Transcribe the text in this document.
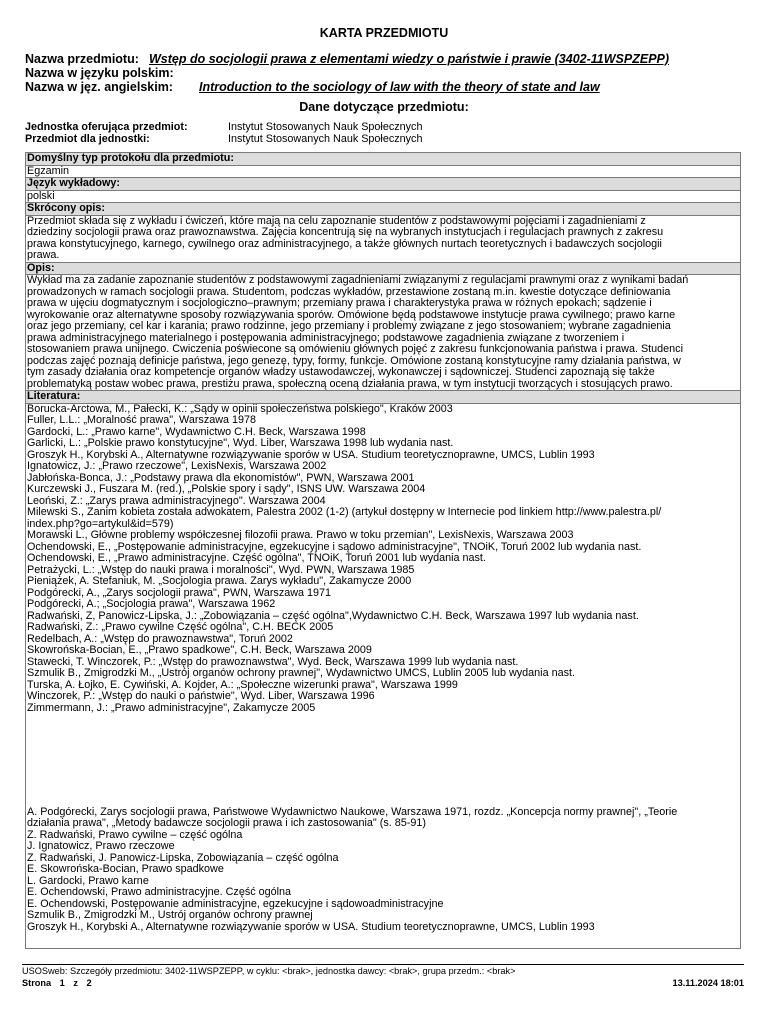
KARTA PRZEDMIOTU
Nazwa przedmiotu: Wstęp do socjologii prawa z elementami wiedzy o państwie i prawie (3402-11WSPZEPP)
Nazwa w języku polskim:
Nazwa w jęz. angielskim: Introduction to the sociology of law with the theory of state and law
Dane dotyczące przedmiotu:
Jednostka oferująca przedmiot:	Instytut Stosowanych Nauk Społecznych
Przedmiot dla jednostki:	Instytut Stosowanych Nauk Społecznych
Domyślny typ protokołu dla przedmiotu:
Egzamin
Język wykładowy:
polski
Skrócony opis:
Przedmiot składa się z wykładu i ćwiczeń, które mają na celu zapoznanie studentów z podstawowymi pojęciami i zagadnieniami z
dziedziny socjologii prawa oraz prawoznawstwa. Zajęcia koncentrują się na wybranych instytucjach i regulacjach prawnych z zakresu
prawa konstytucyjnego, karnego, cywilnego oraz administracyjnego, a także głównych nurtach teoretycznych i badawczych socjologii
prawa.
Opis:
Wykład ma za zadanie zapoznanie studentów z podstawowymi zagadnieniami związanymi z regulacjami prawnymi oraz z wynikami badań
prowadzonych w ramach socjologii prawa. Studentom, podczas wykładów, przestawione zostaną m.in. kwestie dotyczące definiowania
prawa w ujęciu dogmatycznym i socjologiczno–prawnym; przemiany prawa i charakterystyka prawa w różnych epokach; sądzenie i
wyrokowanie oraz alternatywne sposoby rozwiązywania sporów. Omówione będą podstawowe instytucje prawa cywilnego; prawo karne
oraz jego przemiany, cel kar i karania; prawo rodzinne, jego przemiany i problemy związane z jego stosowaniem; wybrane zagadnienia
prawa administracyjnego materialnego i postępowania administracyjnego; podstawowe zagadnienia związane z tworzeniem i
stosowaniem prawa unijnego. Ćwiczenia poświecone są omówieniu głównych pojęć z zakresu funkcjonowania państwa i prawa. Studenci
podczas zajęć poznają definicje państwa, jego genezę, typy, formy, funkcje. Omówione zostaną konstytucyjne ramy działania państwa, w
tym zasady działania oraz kompetencje organów władzy ustawodawczej, wykonawczej i sądowniczej. Studenci zapoznają się także
problematyką postaw wobec prawa, prestiżu prawa, społeczną oceną działania prawa, w tym instytucji tworzących i stosujących prawo.
Literatura:
Borucka-Arctowa, M., Pałecki, K.: „Sądy w opinii społeczeństwa polskiego", Kraków 2003
Fuller, L.L.: „Moralność prawa", Warszawa 1978
Gardocki, L.: „Prawo karne", Wydawnictwo C.H. Beck, Warszawa 1998
Garlicki, L.: „Polskie prawo konstytucyjne", Wyd. Liber, Warszawa 1998 lub wydania nast.
Groszyk H., Korybski A., Alternatywne rozwiązywanie sporów w USA. Studium teoretycznoprawne, UMCS, Lublin 1993
Ignatowicz, J.: „Prawo rzeczowe", LexisNexis, Warszawa 2002
Jabłońska-Bonca, J.: „Podstawy prawa dla ekonomistów", PWN, Warszawa 2001
Kurczewski J., Fuszara M. (red.), „Polskie spory i sądy", ISNS UW. Warszawa 2004
Leoński, Z.: „Zarys prawa administracyjnego". Warszawa 2004
Milewski S., Zanim kobieta została adwokatem, Palestra 2002 (1-2) (artykuł dostępny w Internecie pod linkiem http://www.palestra.pl/
index.php?go=artykul&id=579)
Morawski L., Główne problemy współczesnej filozofii prawa. Prawo w toku przemian", LexisNexis, Warszawa 2003
Ochendowski, E., „Postępowanie administracyjne, egzekucyjne i sądowo administracyjne", TNOiK, Toruń 2002 lub wydania nast.
Ochendowski, E., „Prawo administracyjne. Część ogólna", TNOiK, Toruń 2001 lub wydania nast.
Petrażycki, L.: „Wstęp do nauki prawa i moralności", Wyd. PWN, Warszawa 1985
Pieniążek, A. Stefaniuk, M. „Socjologia prawa. Zarys wykładu", Zakamycze 2000
Podgórecki, A., „Zarys socjologii prawa", PWN, Warszawa 1971
Podgórecki, A.; „Socjologia prawa", Warszawa 1962
Radwański, Z, Panowicz-Lipska, J.: „Zobowiązania – część ogólna",Wydawnictwo C.H. Beck, Warszawa 1997 lub wydania nast.
Radwański, Z.: „Prawo cywilne Część ogólna", C.H. BECK 2005
Redelbach, A.: „Wstęp do prawoznawstwa", Toruń 2002
Skowrońska-Bocian, E., „Prawo spadkowe", C.H. Beck, Warszawa 2009
Stawecki, T. Winczorek, P.: „Wstęp do prawoznawstwa", Wyd. Beck, Warszawa 1999 lub wydania nast.
Szmulik B., Żmigrodzki M., „Ustrój organów ochrony prawnej", Wydawnictwo UMCS, Lublin 2005 lub wydania nast.
Turska, A. Łojko, E. Cywiński, A. Kojder, A.: „Społeczne wizerunki prawa", Warszawa 1999
Winczorek, P.: „Wstęp do nauki o państwie", Wyd. Liber, Warszawa 1996
Zimmermann, J.: „Prawo administracyjne", Zakamycze 2005
A. Podgórecki, Zarys socjologii prawa, Państwowe Wydawnictwo Naukowe, Warszawa 1971, rozdz. „Koncepcja normy prawnej", „Teorie
działania prawa", „Metody badawcze socjologii prawa i ich zastosowania" (s. 85-91)
Z. Radwański, Prawo cywilne – część ogólna
J. Ignatowicz, Prawo rzeczowe
Z. Radwański, J. Panowicz-Lipska, Zobowiązania – część ogólna
E. Skowrońska-Bocian, Prawo spadkowe
L. Gardocki, Prawo karne
E. Ochendowski, Prawo administracyjne. Część ogólna
E. Ochendowski, Postępowanie administracyjne, egzekucyjne i sądowoadministracyjne
Szmulik B., Żmigrodzki M., Ustrój organów ochrony prawnej
Groszyk H., Korybski A., Alternatywne rozwiązywanie sporów w USA. Studium teoretycznoprawne, UMCS, Lublin 1993
USOSweb: Szczegóły przedmiotu: 3402-11WSPZEPP, w cyklu: <brak>, jednostka dawcy: <brak>, grupa przedm.: <brak>
Strona 1 z 2	13.11.2024 18:01
